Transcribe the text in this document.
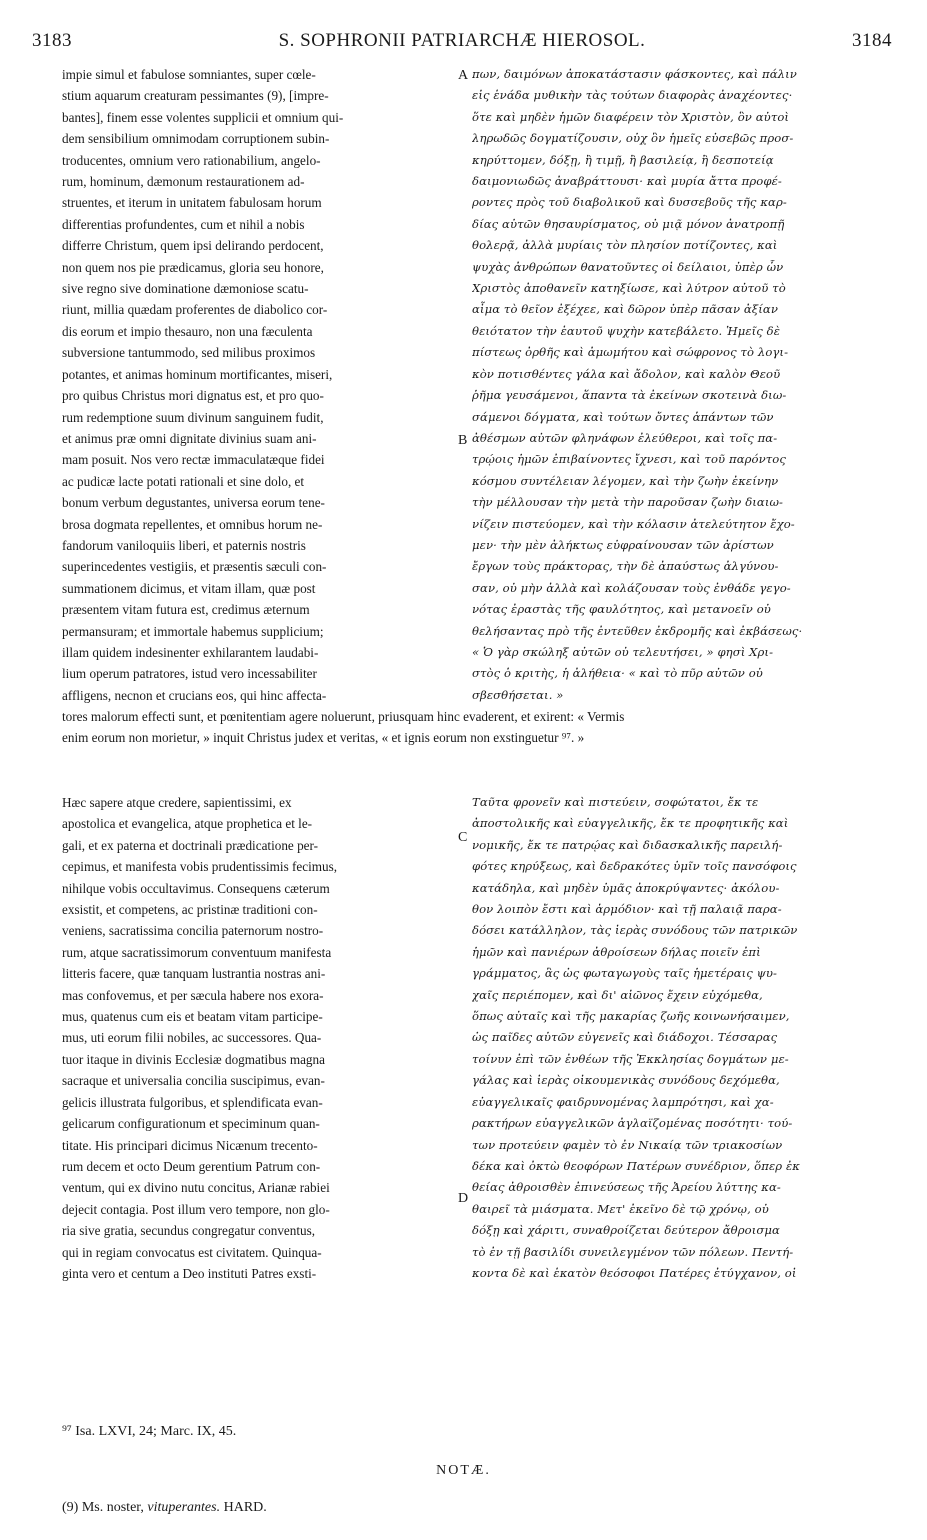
3183	S. SOPHRONII PATRIARCHÆ HIEROSOL.	3184
impie simul et fabulose somniantes, super cœle-
stium aquarum creaturam pessimantes (9), [impre-
bantes], finem esse volentes supplicii et omnium qui-
dem sensibilium omnimodam corruptionem subin-
troducentes, omnium vero rationabilium, angelo-
rum, hominum, dæmonum restaurationem ad-
struentes, et iterum in unitatem fabulosam horum
differentias profundentes, cum et nihil a nobis
differre Christum, quem ipsi delirando perdocent,
non quem nos pie prædicamus, gloria seu honore,
sive regno sive dominatione dæmoniose scatu-
riunt, millia quædam proferentes de diabolico cor-
dis eorum et impio thesauro, non una fæculenta
subversione tantummodo, sed milibus proximos
potantes, et animas hominum mortificantes, miseri,
pro quibus Christus mori dignatus est, et pro quo-
rum redemptione suum divinum sanguinem fudit,
et animus præ omni dignitate divinius suam ani-
mam posuit. Nos vero rectæ immaculatæque fidei
ac pudicæ lacte potati rationali et sine dolo, et
bonum verbum degustantes, universa eorum tene-
brosa dogmata repellentes, et omnibus horum ne-
fandorum vaniloquiis liberi, et paternis nostris
superincedentes vestigiis, et præsentis sæculi con-
summationem dicimus, et vitam illam, quæ post
præsentem vitam futura est, credimus æternum
permansuram; et immortale habemus supplicium;
illam quidem indesinenter exhilarantem laudabi-
lium operum patratores, istud vero incessabiliter
affligens, necnon et crucians eos, qui hinc affecta-
πων, δαιμόνων ἀποκατάστασιν φάσκοντες, καὶ πάλιν
εἰς ἑνάδα μυθικὴν τὰς τούτων διαφορὰς ἀναχέοντες·
ὅτε καὶ μηδὲν ἡμῶν διαφέρειν τὸν Χριστὸν, ὃν αὐτοὶ
ληρωδῶς δογματίζουσιν, οὐχ ὃν ἡμεῖς εὐσεβῶς προσ-
κηρύττομεν, δόξῃ, ἢ τιμῇ, ἢ βασιλείᾳ, ἢ δεσποτείᾳ
δαιμονιωδῶς ἀναβράττουσι· καὶ μυρία ἄττα προφέ-
ροντες πρὸς τοῦ διαβολικοῦ καὶ δυσσεβοῦς τῆς καρ-
δίας αὐτῶν θησαυρίσματος, οὐ μιᾷ μόνον ἀνατροπῇ
θολερᾷ, ἀλλὰ μυρίαις τὸν πλησίον ποτίζοντες, καὶ
ψυχὰς ἀνθρώπων θανατοῦντες οἱ δείλαιοι, ὑπὲρ ὧν
Χριστὸς ἀποθανεῖν κατηξίωσε, καὶ λύτρον αὐτοῦ τὸ
αἷμα τὸ θεῖον ἐξέχεε, καὶ δῶρον ὑπὲρ πᾶσαν ἀξίαν
θειότατον τὴν ἑαυτοῦ ψυχὴν κατεβάλετο. Ἡμεῖς δὲ
πίστεως ὀρθῆς καὶ ἀμωμήτου καὶ σώφρονος τὸ λογι-
κὸν ποτισθέντες γάλα καὶ ἄδολον, καὶ καλὸν Θεοῦ
ῥῆμα γευσάμενοι, ἅπαντα τὰ ἐκείνων σκοτεινὰ διω-
σάμενοι δόγματα, καὶ τούτων ὄντες ἁπάντων τῶν
ἀθέσμων αὐτῶν φληνάφων ἐλεύθεροι, καὶ τοῖς πα-
τρῴοις ἡμῶν ἐπιβαίνοντες ἴχνεσι, καὶ τοῦ παρόντος
κόσμου συντέλειαν λέγομεν, καὶ τὴν ζωὴν ἐκείνην
τὴν μέλλουσαν τὴν μετὰ τὴν παροῦσαν ζωὴν διαιω-
νίζειν πιστεύομεν, καὶ τὴν κόλασιν ἀτελεύτητον ἔχο-
μεν· τὴν μὲν ἀλήκτως εὐφραίνουσαν τῶν ἀρίστων
ἔργων τοὺς πράκτορας, τὴν δὲ ἀπαύστως ἀλγύνου-
σαν, οὐ μὴν ἀλλὰ καὶ κολάζουσαν τοὺς ἐνθάδε γεγο-
νότας ἐραστὰς τῆς φαυλότητος, καὶ μετανοεῖν οὐ
θελήσαντας πρὸ τῆς ἐντεῦθεν ἐκδρομῆς καὶ ἐκβάσεως·
« Ὁ γὰρ σκώληξ αὐτῶν οὐ τελευτήσει, » φησὶ Χρι-
στὸς ὁ κριτὴς, ἡ ἀλήθεια· « καὶ τὸ πῦρ αὐτῶν οὐ
σβεσθήσεται. »
A
B
C
D
tores malorum effecti sunt, et pœnitentiam agere noluerunt, priusquam hinc evaderent, et exirent: « Vermis
enim eorum non morietur, » inquit Christus judex et veritas, « et ignis eorum non exstinguetur ⁹⁷. »
Hæc sapere atque credere, sapientissimi, ex
apostolica et evangelica, atque prophetica et le-
gali, et ex paterna et doctrinali prædicatione per-
cepimus, et manifesta vobis prudentissimis fecimus,
nihilque vobis occultavimus. Consequens cæterum
exsistit, et competens, ac pristinæ traditioni con-
veniens, sacratissima concilia paternorum nostro-
rum, atque sacratissimorum conventuum manifesta
litteris facere, quæ tanquam lustrantia nostras ani-
mas confovemus, et per sæcula habere nos exora-
mus, quatenus cum eis et beatam vitam participe-
mus, uti eorum filii nobiles, ac successores. Qua-
tuor itaque in divinis Ecclesiæ dogmatibus magna
sacraque et universalia concilia suscipimus, evan-
gelicis illustrata fulgoribus, et splendificata evan-
gelicarum configurationum et speciminum quan-
titate. His principari dicimus Nicænum trecento-
rum decem et octo Deum gerentium Patrum con-
ventum, qui ex divino nutu concitus, Arianæ rabiei
dejecit contagia. Post illum vero tempore, non glo-
ria sive gratia, secundus congregatur conventus,
qui in regiam convocatus est civitatem. Quinqua-
ginta vero et centum a Deo instituti Patres exsti-
Ταῦτα φρονεῖν καὶ πιστεύειν, σοφώτατοι, ἔκ τε
ἀποστολικῆς καὶ εὐαγγελικῆς, ἔκ τε προφητικῆς καὶ
νομικῆς, ἔκ τε πατρῴας καὶ διδασκαλικῆς παρειλή-
φότες κηρύξεως, καὶ δεδρακότες ὑμῖν τοῖς πανσόφοις
κατάδηλα, καὶ μηδὲν ὑμᾶς ἀποκρύψαντες· ἀκόλου-
θον λοιπὸν ἔστι καὶ ἁρμόδιον· καὶ τῇ παλαιᾷ παρα-
δόσει κατάλληλον, τὰς ἱερὰς συνόδους τῶν πατρικῶν
ἡμῶν καὶ πανιέρων ἀθροίσεων δήλας ποιεῖν ἐπὶ
γράμματος, ἃς ὡς φωταγωγοὺς ταῖς ἡμετέραις ψυ-
χαῖς περιέπομεν, καὶ δι' αἰῶνος ἔχειν εὐχόμεθα,
ὅπως αὐταῖς καὶ τῆς μακαρίας ζωῆς κοινωνήσαιμεν,
ὡς παῖδες αὐτῶν εὐγενεῖς καὶ διάδοχοι. Τέσσαρας
τοίνυν ἐπὶ τῶν ἐνθέων τῆς Ἐκκλησίας δογμάτων με-
γάλας καὶ ἱερὰς οἰκουμενικὰς συνόδους δεχόμεθα,
εὐαγγελικαῖς φαιδρυνομένας λαμπρότησι, καὶ χα-
ρακτήρων εὐαγγελικῶν ἀγλαϊζομένας ποσότητι· τού-
των προτεύειν φαμὲν τὸ ἐν Νικαίᾳ τῶν τριακοσίων
δέκα καὶ ὀκτὼ θεοφόρων Πατέρων συνέδριον, ὅπερ ἐκ
θείας ἀθροισθὲν ἐπινεύσεως τῆς Ἀρείου λύττης κα-
θαιρεῖ τὰ μιάσματα. Μετ' ἐκεῖνο δὲ τῷ χρόνῳ, οὐ
δόξῃ καὶ χάριτι, συναθροίζεται δεύτερον ἄθροισμα
τὸ ἐν τῇ βασιλίδι συνειλεγμένον τῶν πόλεων. Πεντή-
κοντα δὲ καὶ ἑκατὸν θεόσοφοι Πατέρες ἐτύγχανον, οἱ
⁹⁷ Isa. LXVI, 24; Marc. IX, 45.
NOTÆ.
(9) Ms. noster, vituperantes. HARD.
